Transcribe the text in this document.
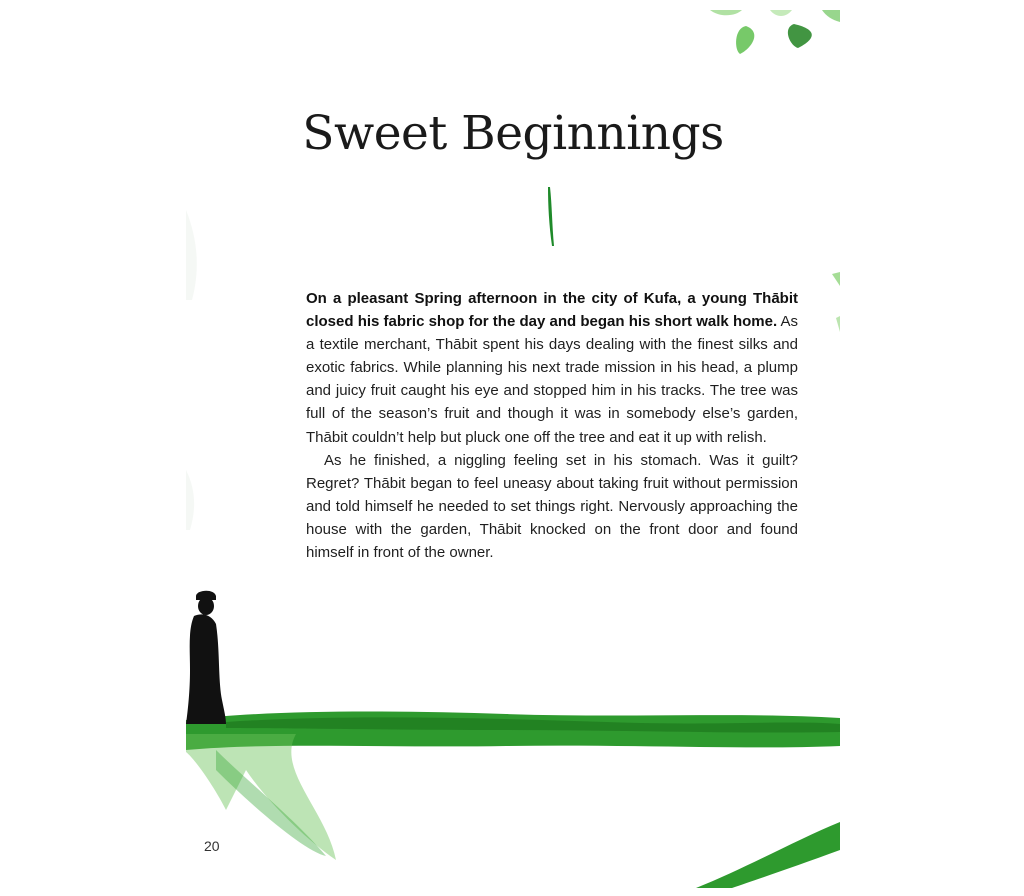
Sweet Beginnings

On a pleasant Spring afternoon in the city of Kufa, a young Thābit closed his fabric shop for the day and began his short walk home. As a textile merchant, Thābit spent his days dealing with the finest silks and exotic fabrics. While planning his next trade mission in his head, a plump and juicy fruit caught his eye and stopped him in his tracks. The tree was full of the season’s fruit and though it was in somebody else’s garden, Thābit couldn’t help but pluck one off the tree and eat it up with relish.

As he finished, a niggling feeling set in his stomach. Was it guilt? Regret? Thābit began to feel uneasy about taking fruit without permission and told himself he needed to set things right. Nervously approaching the house with the garden, Thābit knocked on the front door and found himself in front of the owner.

20
